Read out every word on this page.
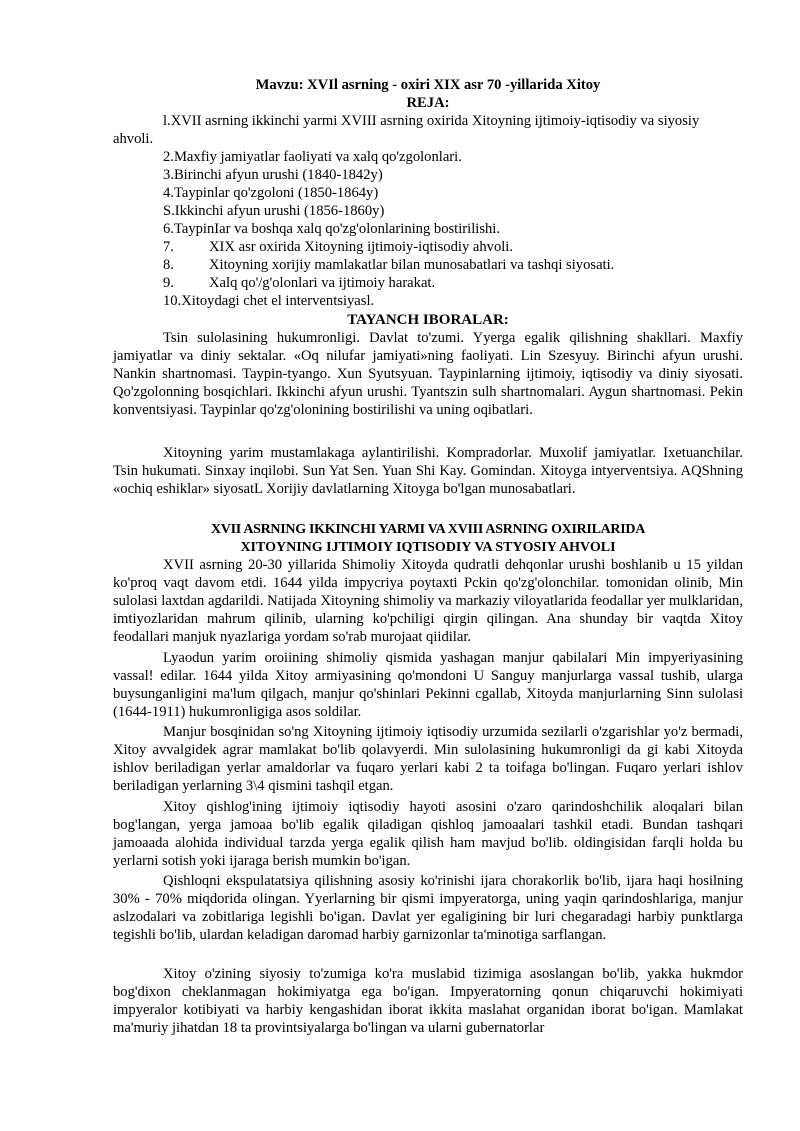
Mavzu: XVIl asrning - oxiri XIX asr 70 -yillarida Xitoy
REJA:
l.XVII asrning ikkinchi yarmi XVIII asrning oxirida Xitoyning ijtimoiy-iqtisodiy va siyosiy ahvoli.
2.Maxfiy jamiyatlar faoliyati va xalq qo'zgolonlari.
3.Birinchi afyun urushi (1840-1842y)
4.Taypinlar qo'zgoloni (1850-1864y)
S.Ikkinchi afyun urushi (1856-1860y)
6.TaypinIar va boshqa xalq qo'zg'olonlarining bostirilishi.
7. XIX asr oxirida Xitoyning ijtimoiy-iqtisodiy ahvoli.
8. Xitoyning xorijiy mamlakatlar bilan munosabatlari va tashqi siyosati.
9. Xalq qo'/g'olonlari va ijtimoiy harakat.
10.Xitoydagi chet el interventsiyasl.
TAYANCH IBORALAR:

Tsin sulolasining hukumronligi. Davlat to'zumi. Yyerga egalik qilishning shakllari. Maxfiy jamiyatlar va diniy sektalar. «Oq nilufar jamiyati»ning faoliyati. Lin Szesyuy. Birinchi afyun urushi. Nankin shartnomasi. Taypin-tyango. Xun Syutsyuan. Taypinlarning ijtimoiy, iqtisodiy va diniy siyosati. Qo'zgolonning bosqichlari. Ikkinchi afyun urushi. Tyantszin sulh shartnomalari. Aygun shartnomasi. Pekin konventsiyasi. Taypinlar qo'zg'olonining bostirilishi va uning oqibatlari.

Xitoyning yarim mustamlakaga aylantirilishi. Kompradorlar. Muxolif jamiyatlar. Ixetuanchilar. Tsin hukumati. Sinxay inqilobi. Sun Yat Sen. Yuan Shi Kay. Gomindan. Xitoyga intyerventsiya. AQShning «ochiq eshiklar» siyosatL Xorijiy davlatlarning Xitoyga bo'lgan munosabatlari.

XVII ASRNING IKKINCHI YARMI VA XVIII ASRNING OXIRILARIDA
XITOYNING IJTIMOIY IQTISODIY VA STYOSIY AHVOLI

XVII asrning 20-30 yillarida Shimoliy Xitoyda qudratli dehqonlar urushi boshlanib u 15 yildan ko'proq vaqt davom etdi. 1644 yilda impycriya poytaxti Pckin qo'zg'olonchilar. tomonidan olinib, Min sulolasi laxtdan agdarildi. Natijada Xitoyning shimoliy va markaziy viloyatlarida feodallar yer mulklaridan, imtiyozlaridan mahrum qilinib, ularning ko'pchiligi qirgin qilingan. Ana shunday bir vaqtda Xitoy feodallari manjuk nyazlariga yordam so'rab murojaat qiidilar.

Lyaodun yarim oroiining shimoliy qismida yashagan manjur qabilalari Min impyeriyasining vassal! edilar. 1644 yilda Xitoy armiyasining qo'mondoni U Sanguy manjurlarga vassal tushib, ularga buysunganligini ma'lum qilgach, manjur qo'shinlari Pekinni cgallab, Xitoyda manjurlarning Sinn sulolasi (1644-1911) hukumronligiga asos soldilar.

Manjur bosqinidan so'ng Xitoyning ijtimoiy iqtisodiy urzumida sezilarli o'zgarishlar yo'z bermadi, Xitoy avvalgidek agrar mamlakat bo'lib qolavyerdi. Min sulolasining hukumronligi da gi kabi Xitoyda ishlov beriladigan yerlar amaldorlar va fuqaro yerlari kabi 2 ta toifaga bo'lingan. Fuqaro yerlari ishlov beriladigan yerlarning 3\4 qismini tashqil etgan.

Xitoy qishlog'ining ijtimoiy iqtisodiy hayoti asosini o'zaro qarindoshchilik aloqalari bilan bog'langan, yerga jamoaa bo'lib egalik qiladigan qishloq jamoaalari tashkil etadi. Bundan tashqari jamoaada alohida individual tarzda yerga egalik qilish ham mavjud bo'lib. oldingisidan farqli holda bu yerlarni sotish yoki ijaraga berish mumkin bo'igan.

Qishloqni ekspulatatsiya qilishning asosiy ko'rinishi ijara chorakorlik bo'lib, ijara haqi hosilning 30% - 70% miqdorida olingan. Yyerlarning bir qismi impyeratorga, uning yaqin qarindoshlariga, manjur aslzodalari va zobitlariga legishli bo'igan. Davlat yer egaligining bir luri chegaradagi harbiy punktlarga tegishli bo'lib, ulardan keladigan daromad harbiy garnizonlar ta'minotiga sarflangan.

Xitoy o'zining siyosiy to'zumiga ko'ra muslabid tizimiga asoslangan bo'lib, yakka hukmdor bog'dixon cheklanmagan hokimiyatga ega bo'igan. Impyeratorning qonun chiqaruvchi hokimiyati impyeralor kotibiyati va harbiy kengashidan iborat ikkita maslahat organidan iborat bo'igan. Mamlakat ma'muriy jihatdan 18 ta provintsiyalarga bo'lingan va ularni gubernatorlar
